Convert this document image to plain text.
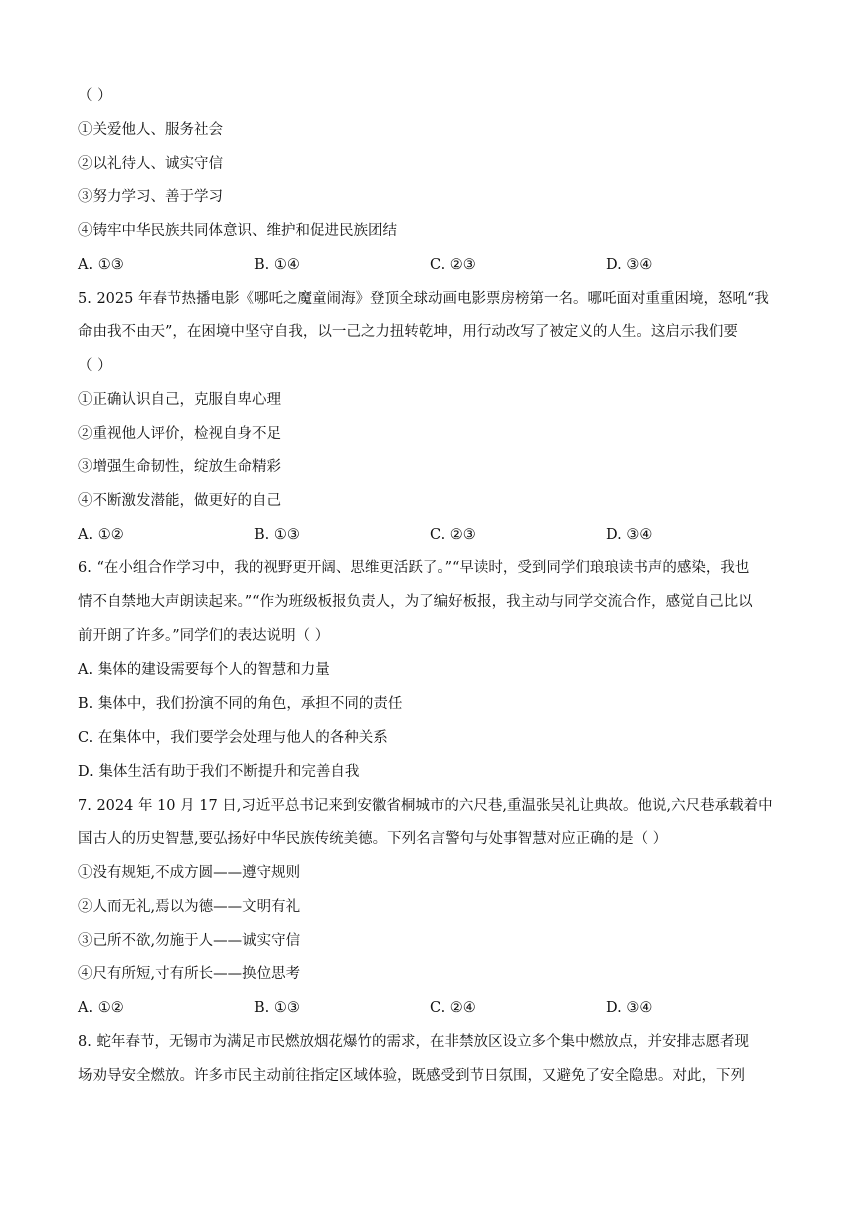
（ ）
①关爱他人、服务社会
②以礼待人、诚实守信
③努力学习、善于学习
④铸牢中华民族共同体意识、维护和促进民族团结
A. ①③	B. ①④	C. ②③	D. ③④
5. 2025 年春节热播电影《哪吒之魔童闹海》登顶全球动画电影票房榜第一名。哪吒面对重重困境，怒吼“我
命由我不由天”，在困境中坚守自我，以一己之力扭转乾坤，用行动改写了被定义的人生。这启示我们要
（ ）
①正确认识自己，克服自卑心理
②重视他人评价，检视自身不足
③增强生命韧性，绽放生命精彩
④不断激发潜能，做更好的自己
A. ①②	B. ①③	C. ②③	D. ③④
6. “在小组合作学习中，我的视野更开阔、思维更活跃了。”“早读时，受到同学们琅琅读书声的感染，我也
情不自禁地大声朗读起来。”“作为班级板报负责人，为了编好板报，我主动与同学交流合作，感觉自己比以
前开朗了许多。”同学们的表达说明（ ）
A. 集体的建设需要每个人的智慧和力量
B. 集体中，我们扮演不同的角色，承担不同的责任
C. 在集体中，我们要学会处理与他人的各种关系
D. 集体生活有助于我们不断提升和完善自我
7. 2024 年 10 月 17 日,习近平总书记来到安徽省桐城市的六尺巷,重温张吴礼让典故。他说,六尺巷承载着中
国古人的历史智慧,要弘扬好中华民族传统美德。下列名言警句与处事智慧对应正确的是（ ）
①没有规矩,不成方圆——遵守规则
②人而无礼,焉以为德——文明有礼
③己所不欲,勿施于人——诚实守信
④尺有所短,寸有所长——换位思考
A. ①②	B. ①③	C. ②④	D. ③④
8. 蛇年春节，无锡市为满足市民燃放烟花爆竹的需求，在非禁放区设立多个集中燃放点，并安排志愿者现
场劝导安全燃放。许多市民主动前往指定区域体验，既感受到节日氛围，又避免了安全隐患。对此，下列
